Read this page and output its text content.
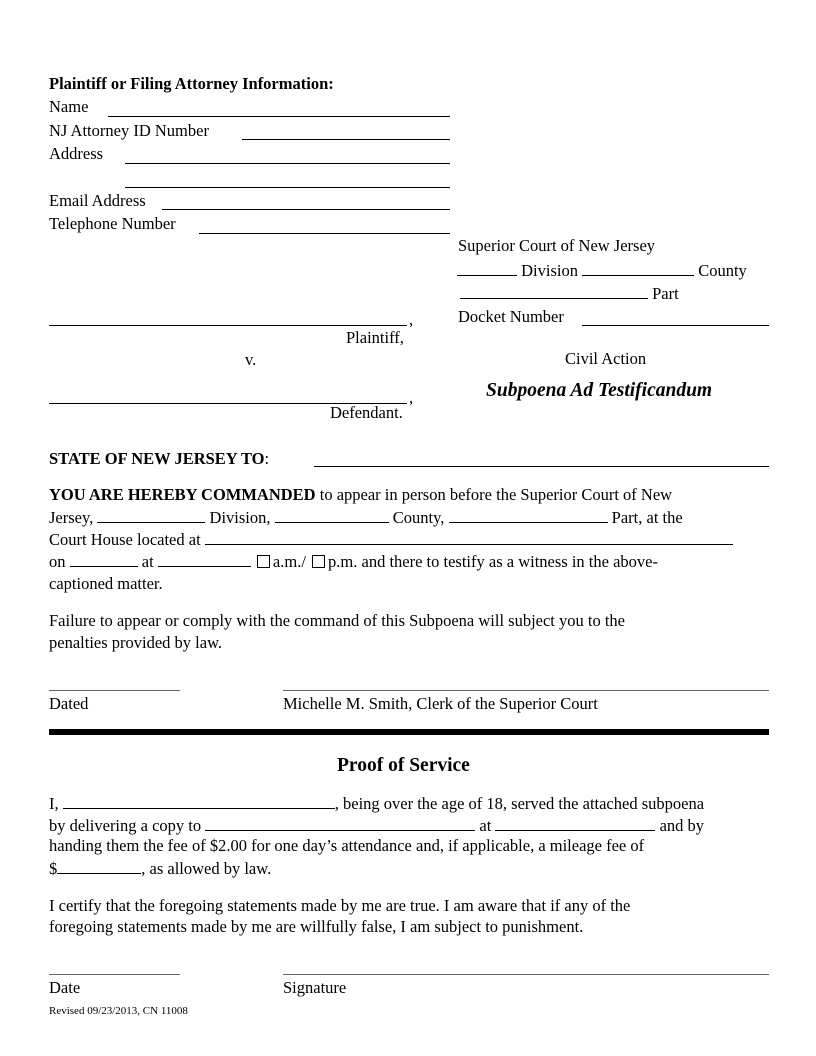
Plaintiff or Filing Attorney Information:
Name
NJ Attorney ID Number
Address
Email Address
Telephone Number
Superior Court of New Jersey
Division	County
Part
Docket Number
,
Plaintiff,
v.	Civil Action
Subpoena Ad Testificandum
,
Defendant.
STATE OF NEW JERSEY TO:
YOU ARE HEREBY COMMANDED to appear in person before the Superior Court of New
Jersey,	Division,	County,	Part, at the
Court House located at
on	at	a.m./ p.m. and there to testify as a witness in the above-
captioned matter.
Failure to appear or comply with the command of this Subpoena will subject you to the
penalties provided by law.
Dated	Michelle M. Smith, Clerk of the Superior Court
Proof of Service
I,	, being over the age of 18, served the attached subpoena
by delivering a copy to	at	and by
handing them the fee of $2.00 for one day’s attendance and, if applicable, a mileage fee of
$	, as allowed by law.
I certify that the foregoing statements made by me are true. I am aware that if any of the
foregoing statements made by me are willfully false, I am subject to punishment.
Date	Signature
Revised 09/23/2013, CN 11008
